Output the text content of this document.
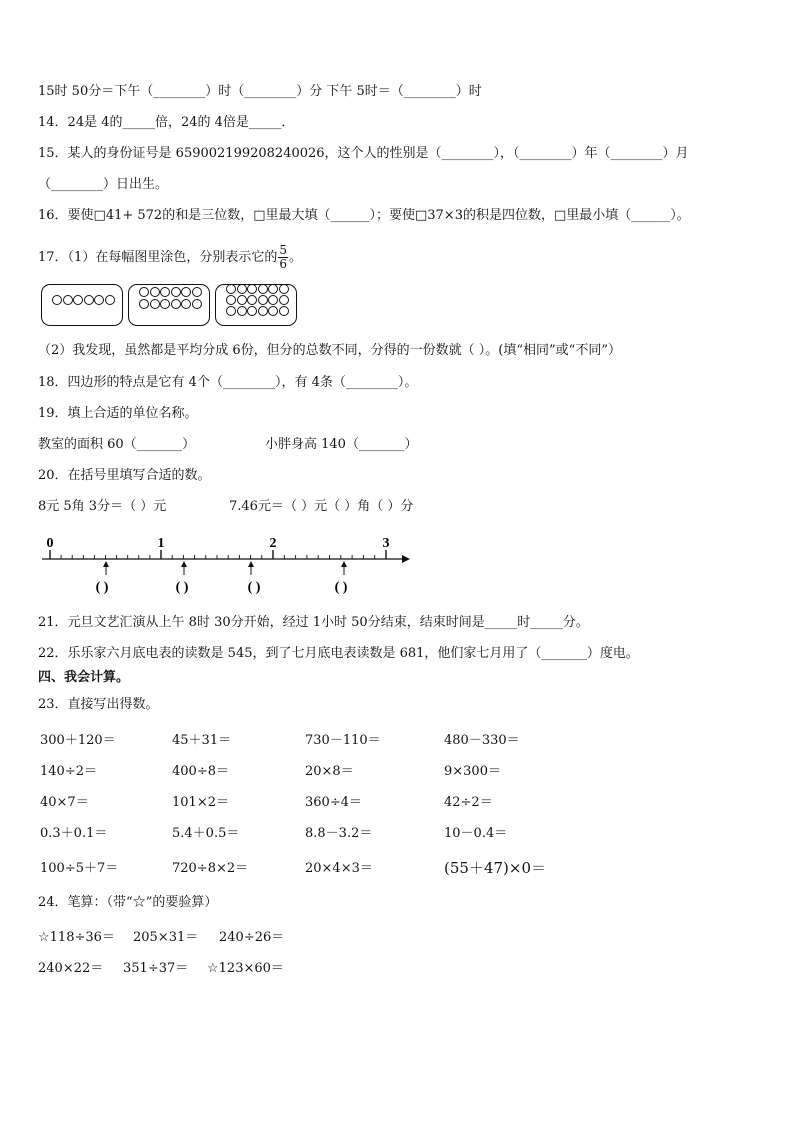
15时 50分＝下午（________）时（________）分 下午 5时＝（________）时
14．24是 4的_____倍，24的 4倍是_____．
15．某人的身份证号是 659002199208240026，这个人的性别是（________），（________）年（________）月
（________）日出生。
16．要使□41+ 572的和是三位数，□里最大填（______）；要使□37×3的积是四位数，□里最小填（______）。
17．（1）在每幅图里涂色，分别表示它的 $\frac{5}{6}$ 。
（2）我发现，虽然都是平均分成 6份，但分的总数不同，分得的一份数就（ ）。(填“相同”或“不同”）
18．四边形的特点是它有 4个（________），有 4条（________）。
19．填上合适的单位名称。
教室的面积 60（_______）	小胖身高 140（_______）
20．在括号里填写合适的数。
8元 5角 3分＝（ ）元	7.46元＝（ ）元（ ）角（ ）分
0	1	2	3
( )	( )	( )	( )
21．元旦文艺汇演从上午 8时 30分开始，经过 1小时 50分结束，结束时间是_____时_____分。
22．乐乐家六月底电表的读数是 545，到了七月底电表读数是 681，他们家七月用了（_______）度电。
四、我会计算。
23．直接写出得数。
300＋120＝	45＋31＝	730－110＝	480－330＝
140÷2＝	400÷8＝	20×8＝	9×300＝
40×7＝	101×2＝	360÷4＝	42÷2＝
0.3＋0.1＝	5.4＋0.5＝	8.8－3.2＝	10－0.4＝
100÷5＋7＝	720÷8×2＝	20×4×3＝	(55＋47)×0＝
24．笔算：（带“☆”的要验算）
☆118÷36＝ 205×31＝ 240÷26＝
240×22＝ 351÷37＝ ☆123×60＝
